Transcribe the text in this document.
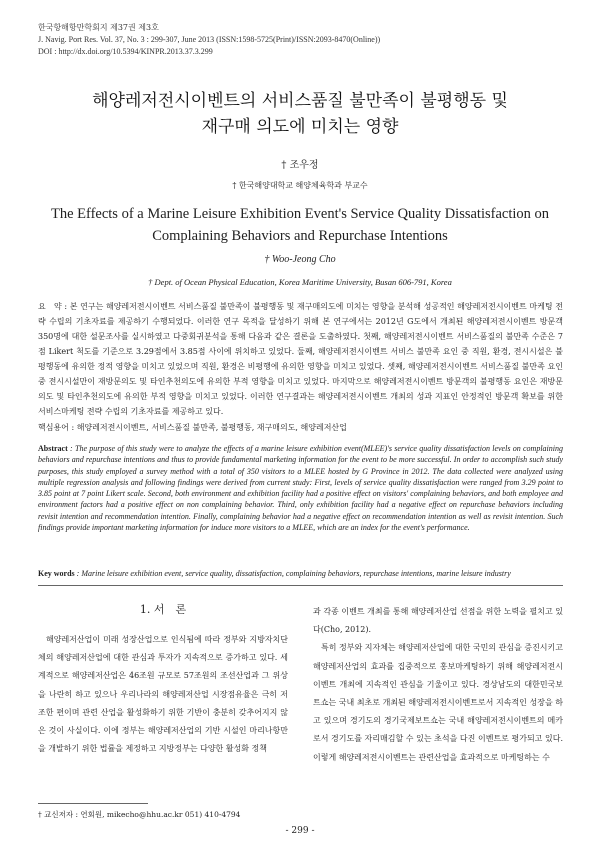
한국항해항만학회지 제37권 제3호
J. Navig. Port Res. Vol. 37, No. 3 : 299-307, June 2013 (ISSN:1598-5725(Print)/ISSN:2093-8470(Online))
DOI : http://dx.doi.org/10.5394/KINPR.2013.37.3.299
해양레저전시이벤트의 서비스품질 불만족이 불평행동 및
재구매 의도에 미치는 영향
† 조우정
† 한국해양대학교 해양체육학과 부교수
The Effects of a Marine Leisure Exhibition Event's Service Quality Dissatisfaction on
Complaining Behaviors and Repurchase Intentions
† Woo-Jeong Cho
† Dept. of Ocean Physical Education, Korea Maritime University, Busan 606-791, Korea
요　약 : 본 연구는 해양레저전시이벤트 서비스품질 불만족이 불평행동 및 재구매의도에 미치는 영향을 분석해 성공적인 해양레저전시이벤트 마케팅 전략 수립의 기초자료를 제공하기 수행되었다. 이러한 연구 목적을 달성하기 위해 본 연구에서는 2012년 G도에서 개최된 해양레저전시이벤트 방문객 350명에 대한 설문조사를 실시하였고 다중회귀분석을 통해 다음과 같은 결론을 도출하였다. 첫째, 해양레저전시이벤트 서비스품질의 불만족 수준은 7점 Likert 척도를 기준으로 3.29점에서 3.85점 사이에 위치하고 있었다. 둘째, 해양레저전시이벤트 서비스 불만족 요인 중 직원, 환경, 전시시설은 불평행동에 유의한 정적 영향을 미치고 있었으며 직원, 환경은 비평행에 유의한 영향을 미치고 있었다. 셋째, 해양레저전시이벤트 서비스품질 불만족 요인 중 전시시설만이 재방문의도 및 타인추천의도에 유의한 부적 영향을 미치고 있었다. 마지막으로 해양레저전시이벤트 방문객의 불평행동 요인은 재방문의도 및 타인추천의도에 유의한 부적 영향을 미치고 있었다. 이러한 연구결과는 해양레저전시이벤트 개최의 성과 지표인 안정적인 방문객 확보를 위한 서비스마케팅 전략 수립의 기초자료를 제공하고 있다.
핵심용어 : 해양레저전시이벤트, 서비스품질 불만족, 불평행동, 재구매의도, 해양레저산업
Abstract : The purpose of this study were to analyze the effects of a marine leisure exhibition event(MLEE)'s service quality dissatisfaction levels on complaining behaviors and repurchase intentions and thus to provide fundamental marketing information for the event to be more successful. In order to accomplish such study purposes, this study employed a survey method with a total of 350 visitors to a MLEE hosted by G Province in 2012. The data collected were analyzed using multiple regression analysis and following findings were derived from current study: First, levels of service quality dissatisfaction were ranged from 3.29 point to 3.85 point at 7 point Likert scale. Second, both environment and exhibition facility had a positive effect on visitors' complaining behaviors, and both employee and environment factors had a positive effect on non complaining behavior. Third, only exhibition facility had a negative effect on repurchase behaviors including revisit intention and recommendation intention. Finally, complaining behavior had a negative effect on recommendation intention as well as revisit intention. Such findings provide important marketing information for induce more visitors to a MLEE, which are an index for the event's performance.
Key words : Marine leisure exhibition event, service quality, dissatisfaction, complaining behaviors, repurchase intentions, marine leisure industry
1. 서　론

해양레저산업이 미래 성장산업으로 인식됨에 따라 정부와 지방자치단체의 해양레저산업에 대한 관심과 투자가 지속적으로 증가하고 있다. 세계적으로 해양레저산업은 46조원 규모로 57조원의 조선산업과 그 위상을 나란히 하고 있으나 우리나라의 해양레저산업 시장점유율은 극히 저조한 편이며 관련 산업을 활성화하기 위한 기반이 충분히 갖추어지지 않은 것이 사실이다. 이에 정부는 해양레저산업의 기반 시설인 마리나항만을 개발하기 위한 법률을 제정하고 지방정부는 다양한 활성화 정책

과 각종 이벤트 개최를 통해 해양레저산업 선점을 위한 노력을 펼치고 있다(Cho, 2012).

특히 정부와 지자체는 해양레저산업에 대한 국민의 관심을 증진시키고 해양레저산업의 효과를 집중적으로 홍보마케팅하기 위해 해양레저전시이벤트 개최에 지속적인 관심을 기울이고 있다. 경상남도의 대한민국보트쇼는 국내 최초로 개최된 해양레저전시이벤트로서 지속적인 성장을 하고 있으며 경기도의 경기국제보트쇼는 국내 해양레저전시이벤트의 메카로서 경기도를 자리매김할 수 있는 초석을 다진 이벤트로 평가되고 있다. 이렇게 해양레저전시이벤트는 관련산업을 효과적으로 마케팅하는 수

† 교신저자 : 연회원, mikecho@hhu.ac.kr 051) 410-4794
- 299 -
